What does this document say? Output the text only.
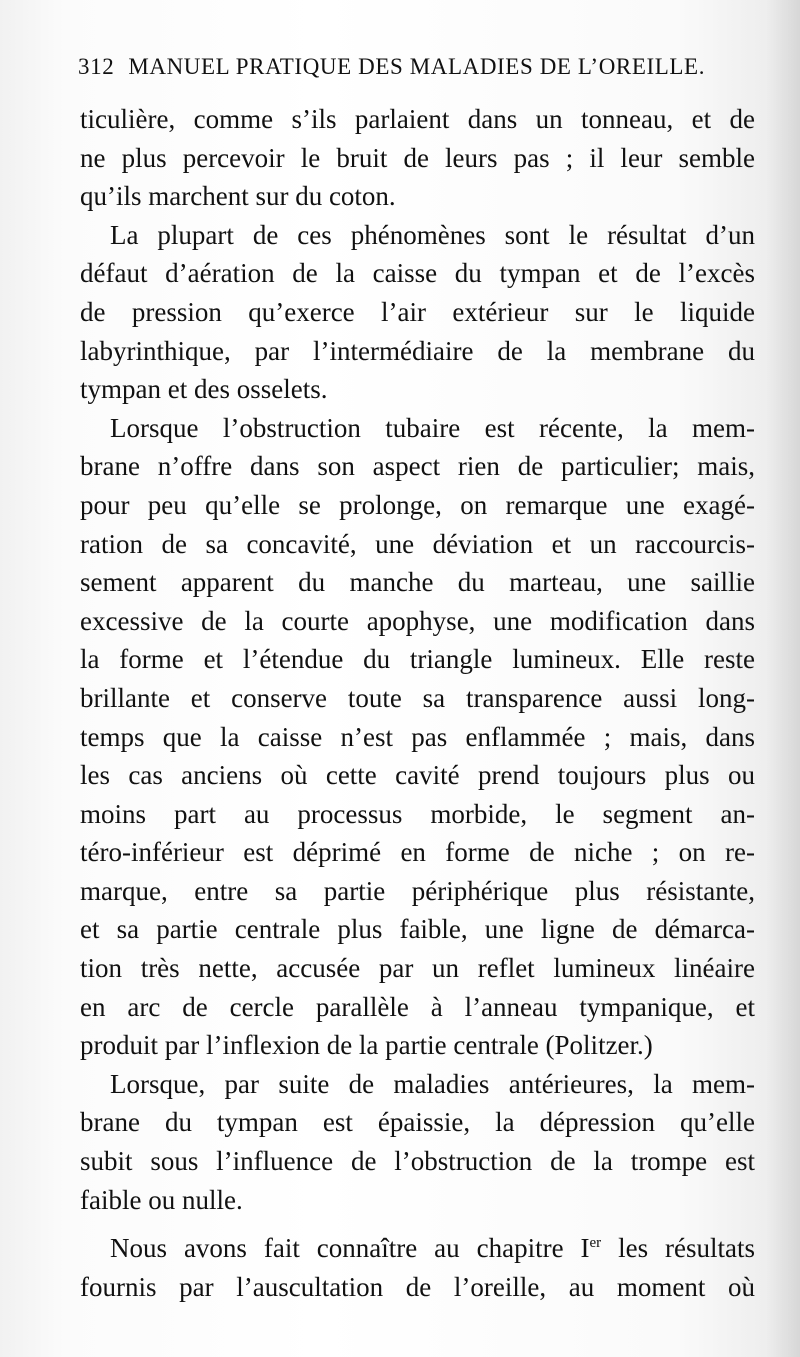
312 MANUEL PRATIQUE DES MALADIES DE L’OREILLE.
ticulière, comme s’ils parlaient dans un tonneau, et de
ne plus percevoir le bruit de leurs pas ; il leur semble
qu’ils marchent sur du coton.
La plupart de ces phénomènes sont le résultat d’un
défaut d’aération de la caisse du tympan et de l’excès
de pression qu’exerce l’air extérieur sur le liquide
labyrinthique, par l’intermédiaire de la membrane du
tympan et des osselets.
Lorsque l’obstruction tubaire est récente, la mem-
brane n’offre dans son aspect rien de particulier; mais,
pour peu qu’elle se prolonge, on remarque une exagé-
ration de sa concavité, une déviation et un raccourcis-
sement apparent du manche du marteau, une saillie
excessive de la courte apophyse, une modification dans
la forme et l’étendue du triangle lumineux. Elle reste
brillante et conserve toute sa transparence aussi long-
temps que la caisse n’est pas enflammée ; mais, dans
les cas anciens où cette cavité prend toujours plus ou
moins part au processus morbide, le segment an-
téro-inférieur est déprimé en forme de niche ; on re-
marque, entre sa partie périphérique plus résistante,
et sa partie centrale plus faible, une ligne de démarca-
tion très nette, accusée par un reflet lumineux linéaire
en arc de cercle parallèle à l’anneau tympanique, et
produit par l’inflexion de la partie centrale (Politzer.)
Lorsque, par suite de maladies antérieures, la mem-
brane du tympan est épaissie, la dépression qu’elle
subit sous l’influence de l’obstruction de la trompe est
faible ou nulle.
Nous avons fait connaître au chapitre Ier les résultats
fournis par l’auscultation de l’oreille, au moment où
